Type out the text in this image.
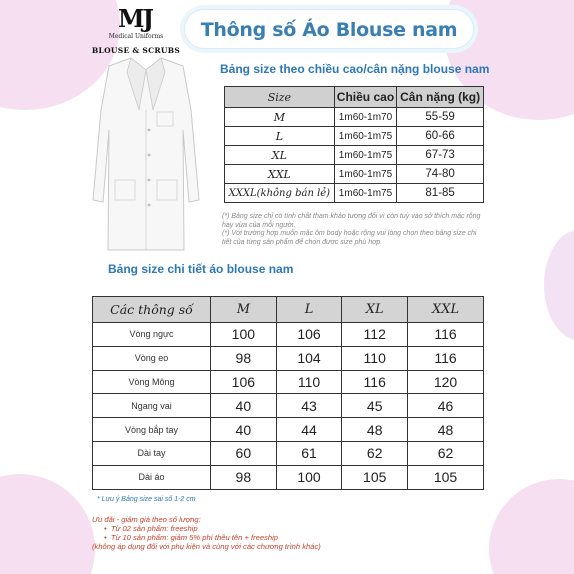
MJ
Medical Uniforms
BLOUSE & SCRUBS
Thông số Áo Blouse nam
Bảng size theo chiều cao/cân nặng blouse nam
Size	Chiều cao	Cân nặng (kg)
M	1m60-1m70	55-59
L	1m60-1m75	60-66
XL	1m60-1m75	67-73
XXL	1m60-1m75	74-80
XXXL(không bán lẻ)	1m60-1m75	81-85
(*) Bảng size chỉ có tính chất tham khảo tương đối vì còn tuỳ vào sở thích mặc rộng hay vừa của mỗi người.
(*) Với trường hợp muốn mặc ôm body hoặc rộng vui lòng chọn theo bảng size chi tiết của từng sản phẩm để chọn được size phù hợp.
Bảng size chi tiết áo blouse nam
Các thông số	M	L	XL	XXL
Vòng ngực	100	106	112	116
Vòng eo	98	104	110	116
Vòng Mông	106	110	116	120
Ngang vai	40	43	45	46
Vòng bắp tay	40	44	48	48
Dài tay	60	61	62	62
Dài áo	98	100	105	105
* Lưu ý Bảng size sai số 1-2 cm
Ưu đãi - giảm giá theo số lượng:
•  Từ 02 sản phẩm: freeship
•  Từ 10 sản phẩm: giảm 5% phí thêu tên + freeship
(không áp dụng đối với phụ kiện và cùng với các chương trình khác)
